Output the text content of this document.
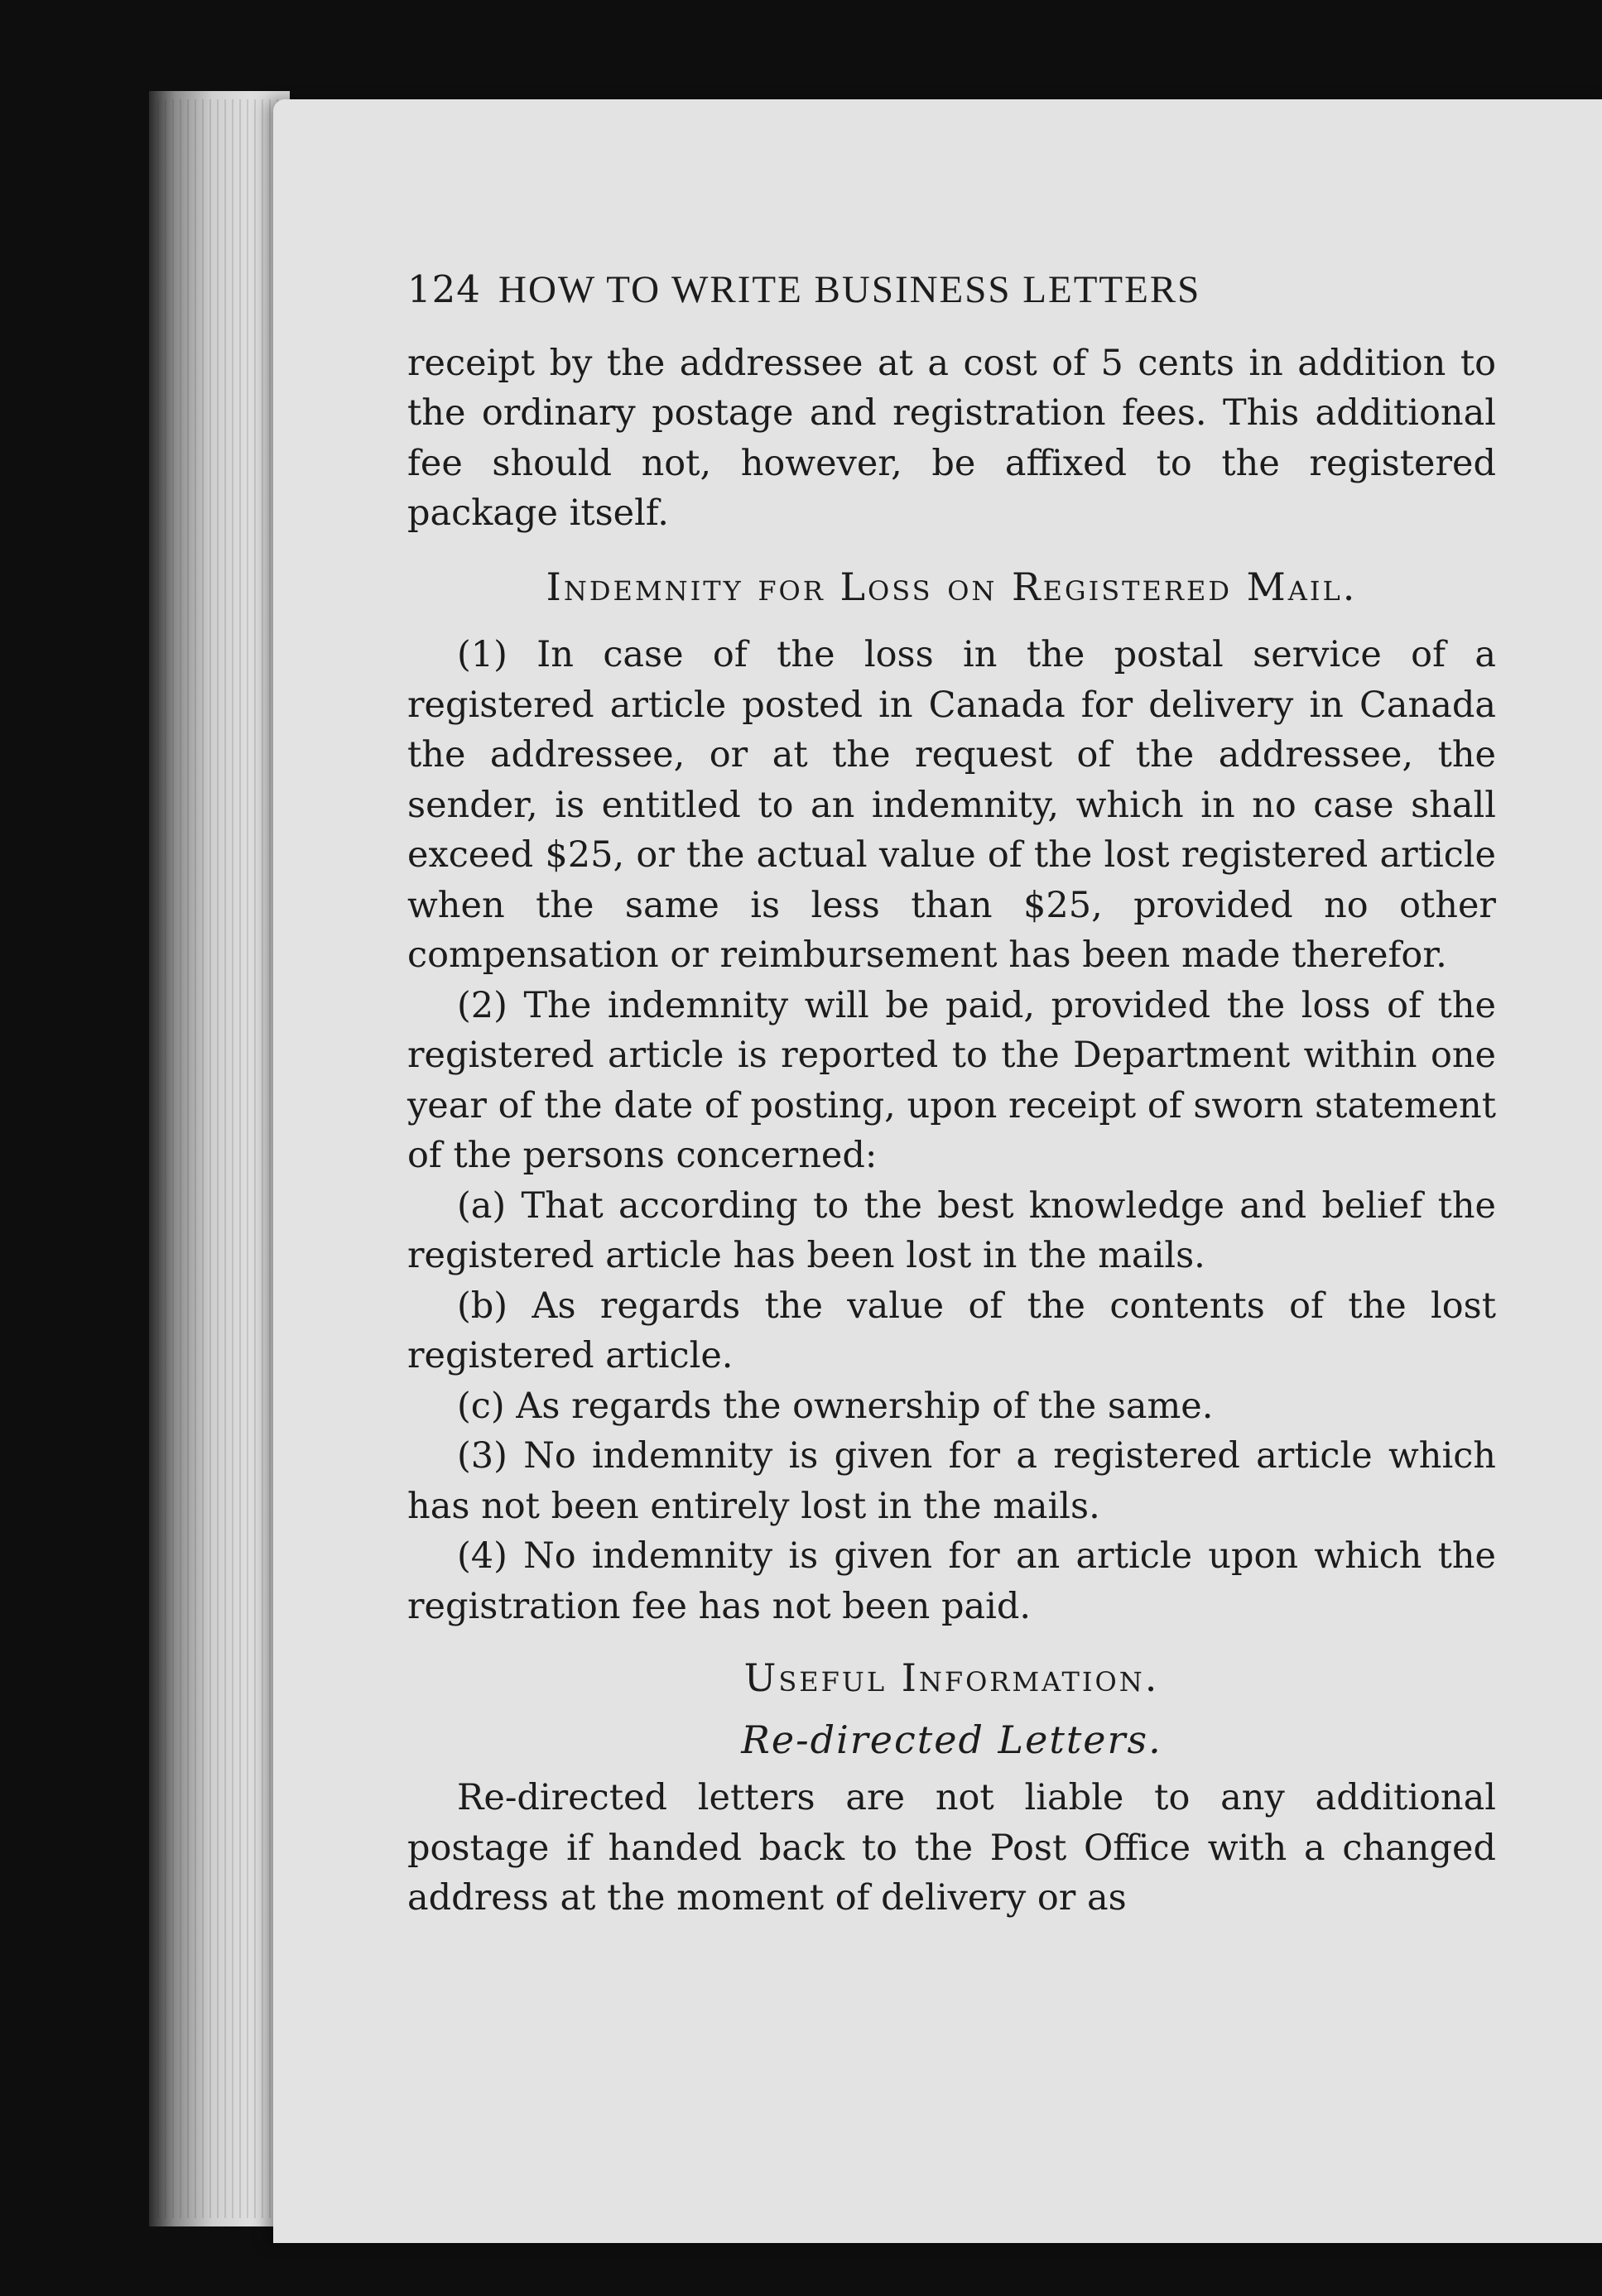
124 HOW TO WRITE BUSINESS LETTERS

receipt by the addressee at a cost of 5 cents in addition to the ordinary postage and registration fees. This additional fee should not, however, be affixed to the registered package itself.

Indemnity for Loss on Registered Mail.

(1) In case of the loss in the postal service of a registered article posted in Canada for delivery in Canada the addressee, or at the request of the addressee, the sender, is entitled to an indemnity, which in no case shall exceed $25, or the actual value of the lost registered article when the same is less than $25, provided no other compensation or reimbursement has been made therefor.

(2) The indemnity will be paid, provided the loss of the registered article is reported to the Department within one year of the date of posting, upon receipt of sworn statement of the persons concerned:

(a) That according to the best knowledge and belief the registered article has been lost in the mails.

(b) As regards the value of the contents of the lost registered article.

(c) As regards the ownership of the same.

(3) No indemnity is given for a registered article which has not been entirely lost in the mails.

(4) No indemnity is given for an article upon which the registration fee has not been paid.

Useful Information.
Re-directed Letters.

Re-directed letters are not liable to any additional postage if handed back to the Post Office with a changed address at the moment of delivery or as
